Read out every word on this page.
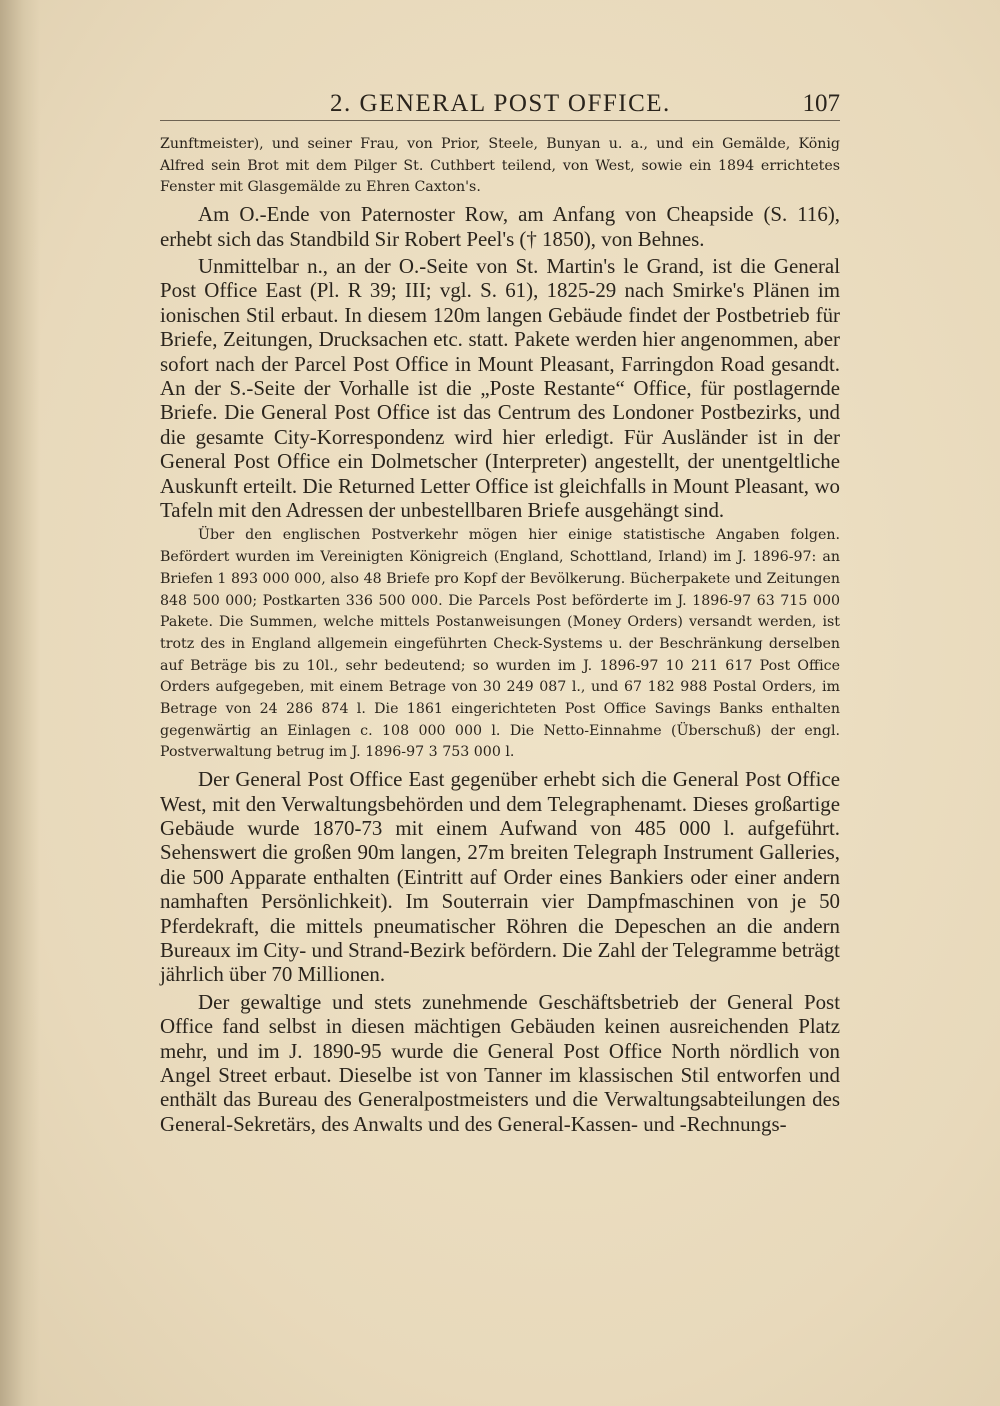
2. GENERAL POST OFFICE.	107

Zunftmeister), und seiner Frau, von Prior, Steele, Bunyan u. a., und ein Gemälde, König Alfred sein Brot mit dem Pilger St. Cuthbert teilend, von West, sowie ein 1894 errichtetes Fenster mit Glasgemälde zu Ehren Caxton's.

Am O.-Ende von Paternoster Row, am Anfang von Cheapside (S. 116), erhebt sich das Standbild Sir Robert Peel's († 1850), von Behnes.

Unmittelbar n., an der O.-Seite von St. Martin's le Grand, ist die General Post Office East (Pl. R 39; III; vgl. S. 61), 1825-29 nach Smirke's Plänen im ionischen Stil erbaut. In diesem 120m langen Gebäude findet der Postbetrieb für Briefe, Zeitungen, Drucksachen etc. statt. Pakete werden hier angenommen, aber sofort nach der Parcel Post Office in Mount Pleasant, Farringdon Road gesandt. An der S.-Seite der Vorhalle ist die „Poste Restante“ Office, für postlagernde Briefe. Die General Post Office ist das Centrum des Londoner Postbezirks, und die gesamte City-Korrespondenz wird hier erledigt. Für Ausländer ist in der General Post Office ein Dolmetscher (Interpreter) angestellt, der unentgeltliche Auskunft erteilt. Die Returned Letter Office ist gleichfalls in Mount Pleasant, wo Tafeln mit den Adressen der unbestellbaren Briefe ausgehängt sind.

Über den englischen Postverkehr mögen hier einige statistische Angaben folgen. Befördert wurden im Vereinigten Königreich (England, Schottland, Irland) im J. 1896-97: an Briefen 1 893 000 000, also 48 Briefe pro Kopf der Bevölkerung. Bücherpakete und Zeitungen 848 500 000; Postkarten 336 500 000. Die Parcels Post beförderte im J. 1896-97 63 715 000 Pakete. Die Summen, welche mittels Postanweisungen (Money Orders) versandt werden, ist trotz des in England allgemein eingeführten Check-Systems u. der Beschränkung derselben auf Beträge bis zu 10l., sehr bedeutend; so wurden im J. 1896-97 10 211 617 Post Office Orders aufgegeben, mit einem Betrage von 30 249 087 l., und 67 182 988 Postal Orders, im Betrage von 24 286 874 l. Die 1861 eingerichteten Post Office Savings Banks enthalten gegenwärtig an Einlagen c. 108 000 000 l. Die Netto-Einnahme (Überschuß) der engl. Postverwaltung betrug im J. 1896-97 3 753 000 l.

Der General Post Office East gegenüber erhebt sich die General Post Office West, mit den Verwaltungsbehörden und dem Telegraphenamt. Dieses großartige Gebäude wurde 1870-73 mit einem Aufwand von 485 000 l. aufgeführt. Sehenswert die großen 90m langen, 27m breiten Telegraph Instrument Galleries, die 500 Apparate enthalten (Eintritt auf Order eines Bankiers oder einer andern namhaften Persönlichkeit). Im Souterrain vier Dampfmaschinen von je 50 Pferdekraft, die mittels pneumatischer Röhren die Depeschen an die andern Bureaux im City- und Strand-Bezirk befördern. Die Zahl der Telegramme beträgt jährlich über 70 Millionen.

Der gewaltige und stets zunehmende Geschäftsbetrieb der General Post Office fand selbst in diesen mächtigen Gebäuden keinen ausreichenden Platz mehr, und im J. 1890-95 wurde die General Post Office North nördlich von Angel Street erbaut. Dieselbe ist von Tanner im klassischen Stil entworfen und enthält das Bureau des Generalpostmeisters und die Verwaltungsabteilungen des General-Sekretärs, des Anwalts und des General-Kassen- und -Rechnungs-
